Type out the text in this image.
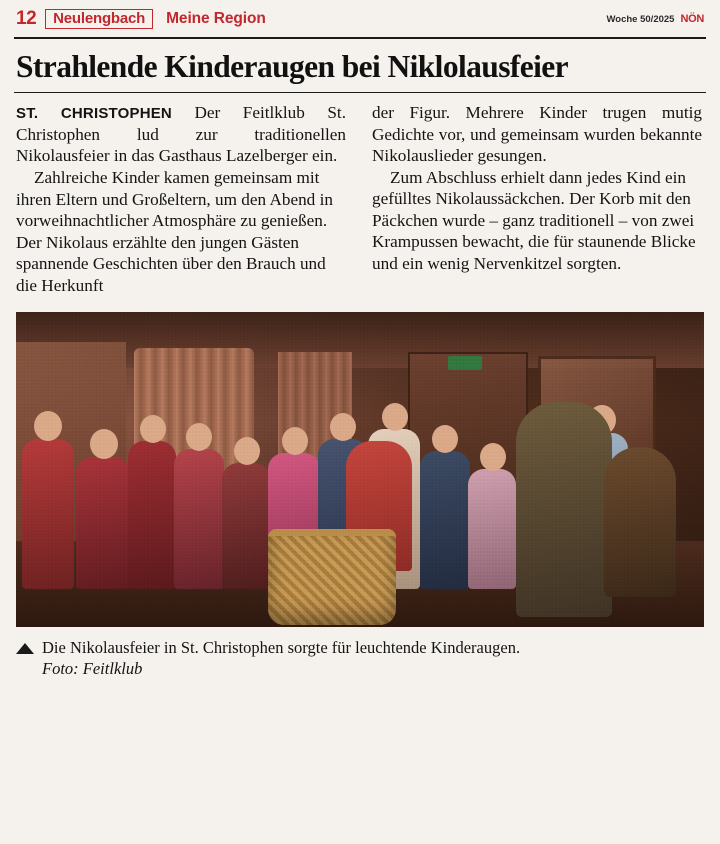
12	Neulengbach	Meine Region	Woche 50/2025 NÖN
Strahlende Kinderaugen bei Niklolausfeier

ST. CHRISTOPHEN Der Feitlklub St. Christophen lud zur traditionellen Nikolausfeier in das Gasthaus Lazelberger ein.

Zahlreiche Kinder kamen gemeinsam mit ihren Eltern und Großeltern, um den Abend in vorweihnachtlicher Atmosphäre zu genießen. Der Nikolaus erzählte den jungen Gästen spannende Geschichten über den Brauch und die Herkunft

der Figur. Mehrere Kinder trugen mutig Gedichte vor, und gemeinsam wurden bekannte Nikolauslieder gesungen.

Zum Abschluss erhielt dann jedes Kind ein gefülltes Nikolaussäckchen. Der Korb mit den Päckchen wurde – ganz traditionell – von zwei Krampussen bewacht, die für staunende Blicke und ein wenig Nervenkitzel sorgten.

Die Nikolausfeier in St. Christophen sorgte für leuchtende Kinderaugen.
Foto: Feitlklub
